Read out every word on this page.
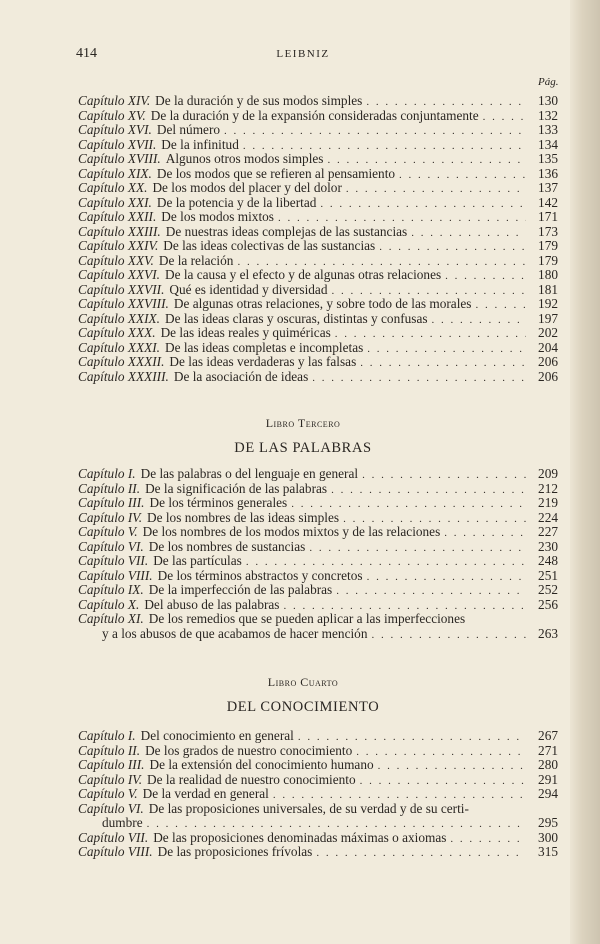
414	LEIBNIZ
Pág.
Capítulo XIV. De la duración y de sus modos simples . . .	130
Capítulo XV. De la duración y de la expansión consideradas conjuntamente . . .	132
Capítulo XVI. Del número . . .	133
Capítulo XVII. De la infinitud . . .	134
Capítulo XVIII. Algunos otros modos simples . . .	135
Capítulo XIX. De los modos que se refieren al pensamiento . . .	136
Capítulo XX. De los modos del placer y del dolor . . .	137
Capítulo XXI. De la potencia y de la libertad . . .	142
Capítulo XXII. De los modos mixtos . . .	171
Capítulo XXIII. De nuestras ideas complejas de las sustancias . . .	173
Capítulo XXIV. De las ideas colectivas de las sustancias . . .	179
Capítulo XXV. De la relación . . .	179
Capítulo XXVI. De la causa y el efecto y de algunas otras relaciones . . .	180
Capítulo XXVII. Qué es identidad y diversidad . . .	181
Capítulo XXVIII. De algunas otras relaciones, y sobre todo de las morales . . .	192
Capítulo XXIX. De las ideas claras y oscuras, distintas y confusas . . .	197
Capítulo XXX. De las ideas reales y quiméricas . . .	202
Capítulo XXXI. De las ideas completas e incompletas . . .	204
Capítulo XXXII. De las ideas verdaderas y las falsas . . .	206
Capítulo XXXIII. De la asociación de ideas . . .	206
Libro Tercero
DE LAS PALABRAS
Capítulo I. De las palabras o del lenguaje en general . . .	209
Capítulo II. De la significación de las palabras . . .	212
Capítulo III. De los términos generales . . .	219
Capítulo IV. De los nombres de las ideas simples . . .	224
Capítulo V. De los nombres de los modos mixtos y de las relaciones . . .	227
Capítulo VI. De los nombres de sustancias . . .	230
Capítulo VII. De las partículas . . .	248
Capítulo VIII. De los términos abstractos y concretos . . .	251
Capítulo IX. De la imperfección de las palabras . . .	252
Capítulo X. Del abuso de las palabras . . .	256
Capítulo XI. De los remedios que se pueden aplicar a las imperfecciones
y a los abusos de que acabamos de hacer mención . . .	263
Libro Cuarto
DEL CONOCIMIENTO
Capítulo I. Del conocimiento en general . . .	267
Capítulo II. De los grados de nuestro conocimiento . . .	271
Capítulo III. De la extensión del conocimiento humano . . .	280
Capítulo IV. De la realidad de nuestro conocimiento . . .	291
Capítulo V. De la verdad en general . . .	294
Capítulo VI. De las proposiciones universales, de su verdad y de su certi-
dumbre . . .	295
Capítulo VII. De las proposiciones denominadas máximas o axiomas . . .	300
Capítulo VIII. De las proposiciones frívolas . . .	315
